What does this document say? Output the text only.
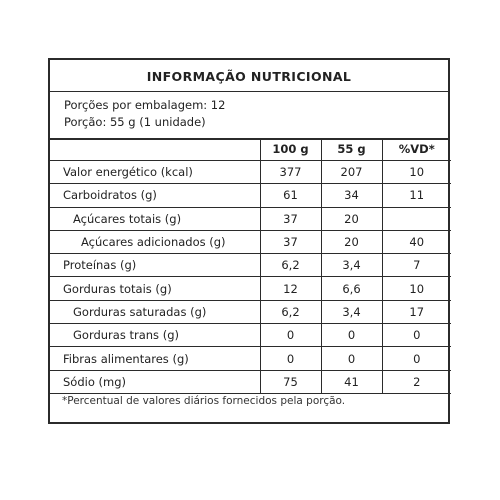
INFORMAÇÃO NUTRICIONAL
Porções por embalagem: 12
Porção: 55 g (1 unidade)
	100 g	55 g	%VD*
Valor energético (kcal)	377	207	10
Carboidratos (g)	61	34	11
Açúcares totais (g)	37	20	
Açúcares adicionados (g)	37	20	40
Proteínas (g)	6,2	3,4	7
Gorduras totais (g)	12	6,6	10
Gorduras saturadas (g)	6,2	3,4	17
Gorduras trans (g)	0	0	0
Fibras alimentares (g)	0	0	0
Sódio (mg)	75	41	2
*Percentual de valores diários fornecidos pela porção.
